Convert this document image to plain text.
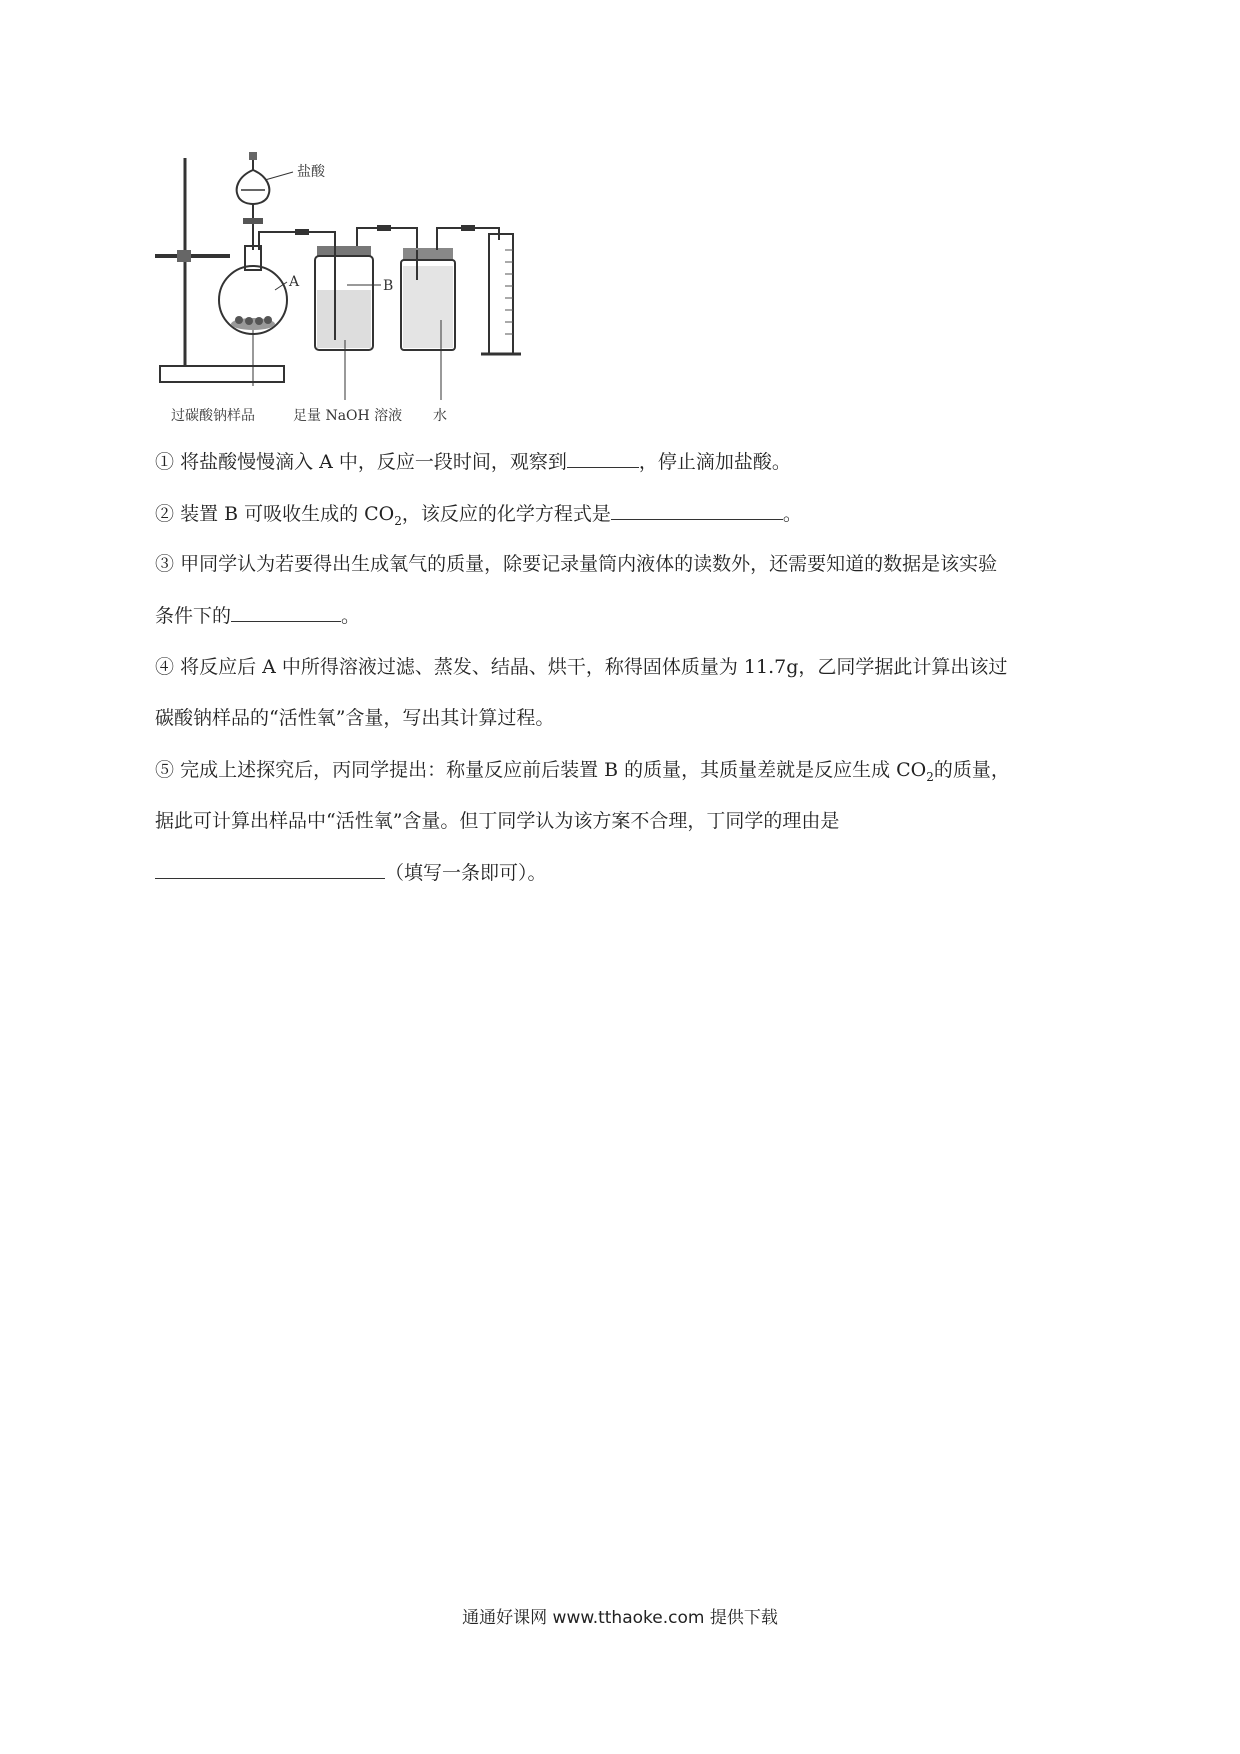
盐酸
A	B
过碳酸钠样品	足量 NaOH 溶液 水
① 将盐酸慢慢滴入 A 中，反应一段时间，观察到	，停止滴加盐酸。
② 装置 B 可吸收生成的 $CO_2$，该反应的化学方程式是	。
③ 甲同学认为若要得出生成氧气的质量，除要记录量筒内液体的读数外，还需要知道的数据是该实验
条件下的	。
④ 将反应后 A 中所得溶液过滤、蒸发、结晶、烘干，称得固体质量为 11.7g，乙同学据此计算出该过
碳酸钠样品的“活性氧”含量，写出其计算过程。
⑤ 完成上述探究后，丙同学提出：称量反应前后装置 B 的质量，其质量差就是反应生成 $CO_2$的质量，
据此可计算出样品中“活性氧”含量。但丁同学认为该方案不合理，丁同学的理由是
（填写一条即可）。
通通好课网 www.tthaoke.com 提供下载
